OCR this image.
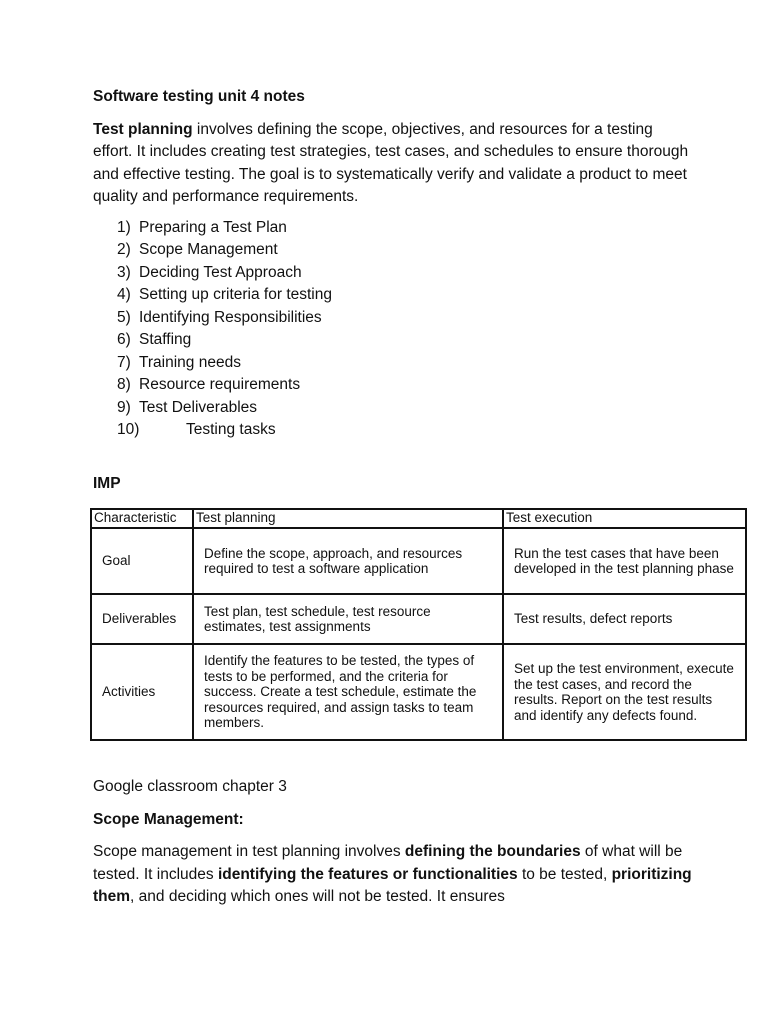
Software testing unit 4 notes

Test planning involves defining the scope, objectives, and resources for a testing effort. It includes creating test strategies, test cases, and schedules to ensure thorough and effective testing. The goal is to systematically verify and validate a product to meet quality and performance requirements.

1) Preparing a Test Plan
2) Scope Management
3) Deciding Test Approach
4) Setting up criteria for testing
5) Identifying Responsibilities
6) Staffing
7) Training needs
8) Resource requirements
9) Test Deliverables
10)	Testing tasks
IMP
Characteristic	Test planning	Test execution
Goal	Define the scope, approach, and resources required to test a software application	Run the test cases that have been developed in the test planning phase
Deliverables	Test plan, test schedule, test resource estimates, test assignments	Test results, defect reports
Activities	Identify the features to be tested, the types of tests to be performed, and the criteria for success. Create a test schedule, estimate the resources required, and assign tasks to team members.	Set up the test environment, execute the test cases, and record the results. Report on the test results and identify any defects found.

Google classroom chapter 3

Scope Management:

Scope management in test planning involves defining the boundaries of what will be tested. It includes identifying the features or functionalities to be tested, prioritizing them, and deciding which ones will not be tested. It ensures
